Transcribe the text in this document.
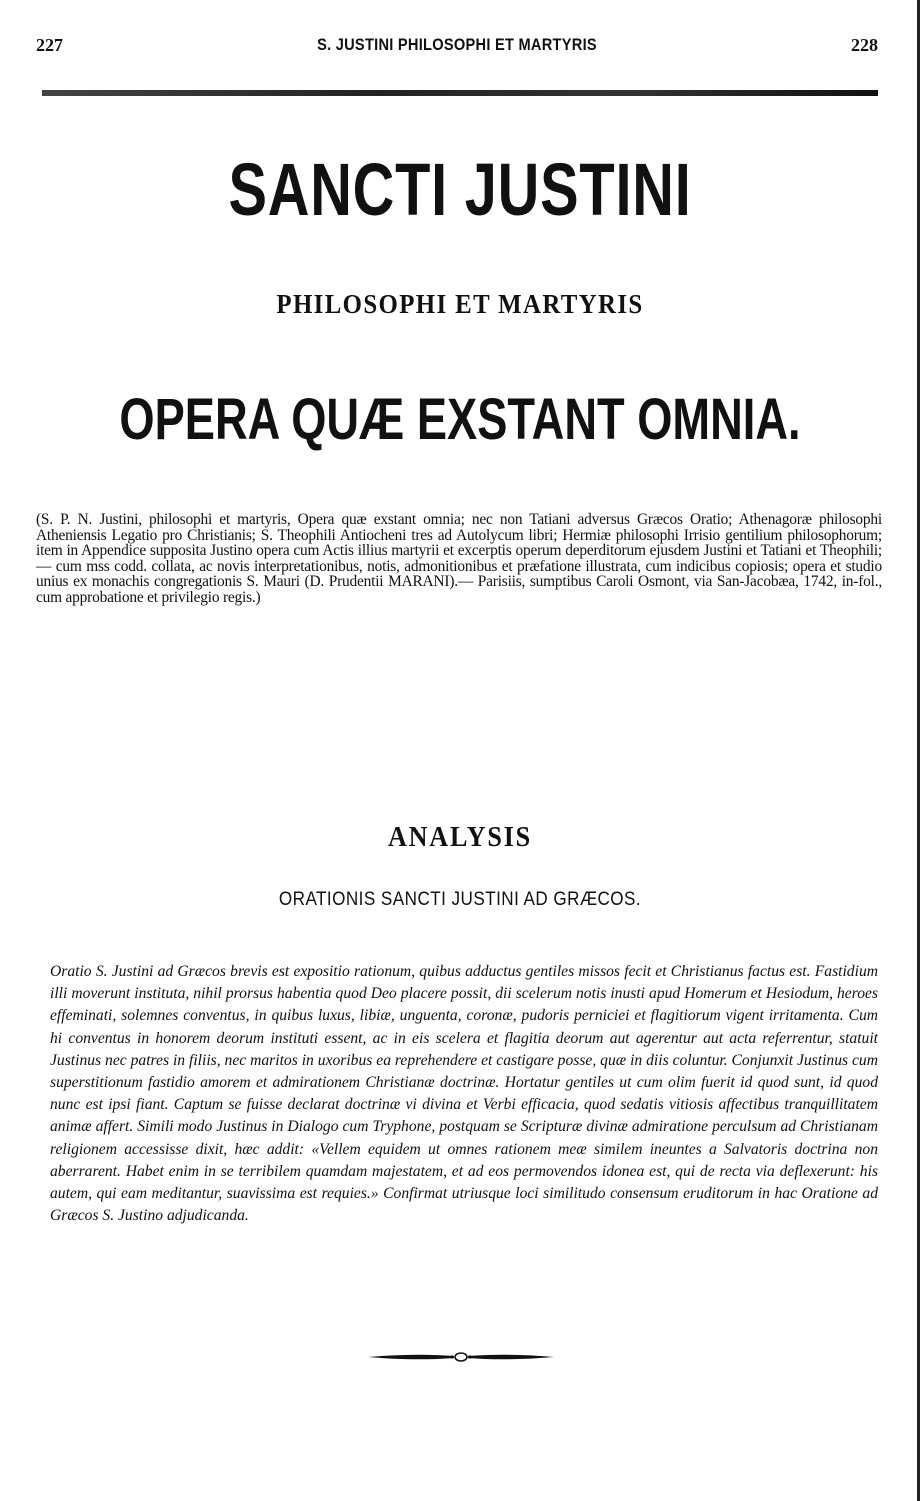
227	S. JUSTINI PHILOSOPHI ET MARTYRIS	228
SANCTI JUSTINI
PHILOSOPHI ET MARTYRIS
OPERA QUÆ EXSTANT OMNIA.
(S. P. N. Justini, philosophi et martyris, Opera quæ exstant omnia; nec non Tatiani adversus Græcos Oratio; Athenagoræ philosophi Atheniensis Legatio pro Christianis; S. Theophili Antiocheni tres ad Autolycum libri; Hermiæ philosophi Irrisio gentilium philosophorum; item in Appendice supposita Justino opera cum Actis illius martyrii et excerptis operum deperditorum ejusdem Justini et Tatiani et Theophili; — cum mss codd. collata, ac novis interpretationibus, notis, admonitionibus et præfatione illustrata, cum indicibus copiosis; opera et studio unius ex monachis congregationis S. Mauri (D. Prudentii MARANI).— Parisiis, sumptibus Caroli Osmont, via San-Jacobæa, 1742, in-fol., cum approbatione et privilegio regis.)
ANALYSIS
ORATIONIS SANCTI JUSTINI AD GRÆCOS.
Oratio S. Justini ad Græcos brevis est expositio rationum, quibus adductus gentiles missos fecit et Christianus factus est. Fastidium illi moverunt instituta, nihil prorsus habentia quod Deo placere possit, dii scelerum notis inusti apud Homerum et Hesiodum, heroes effeminati, solemnes conventus, in quibus luxus, libiæ, unguenta, coronæ, pudoris perniciei et flagitiorum vigent irritamenta. Cum hi conventus in honorem deorum instituti essent, ac in eis scelera et flagitia deorum aut agerentur aut acta referrentur, statuit Justinus nec patres in filiis, nec maritos in uxoribus ea reprehendere et castigare posse, quæ in diis coluntur. Conjunxit Justinus cum superstitionum fastidio amorem et admirationem Christianæ doctrinæ. Hortatur gentiles ut cum olim fuerit id quod sunt, id quod nunc est ipsi fiant. Captum se fuisse declarat doctrinæ vi divina et Verbi efficacia, quod sedatis vitiosis affectibus tranquillitatem animæ affert. Simili modo Justinus in Dialogo cum Tryphone, postquam se Scripturæ divinæ admiratione perculsum ad Christianam religionem accessisse dixit, hæc addit: «Vellem equidem ut omnes rationem meæ similem ineuntes a Salvatoris doctrina non aberrarent. Habet enim in se terribilem quamdam majestatem, et ad eos permovendos idonea est, qui de recta via deflexerunt: his autem, qui eam meditantur, suavissima est requies.» Confirmat utriusque loci similitudo consensum eruditorum in hac Oratione ad Græcos S. Justino adjudicanda.
